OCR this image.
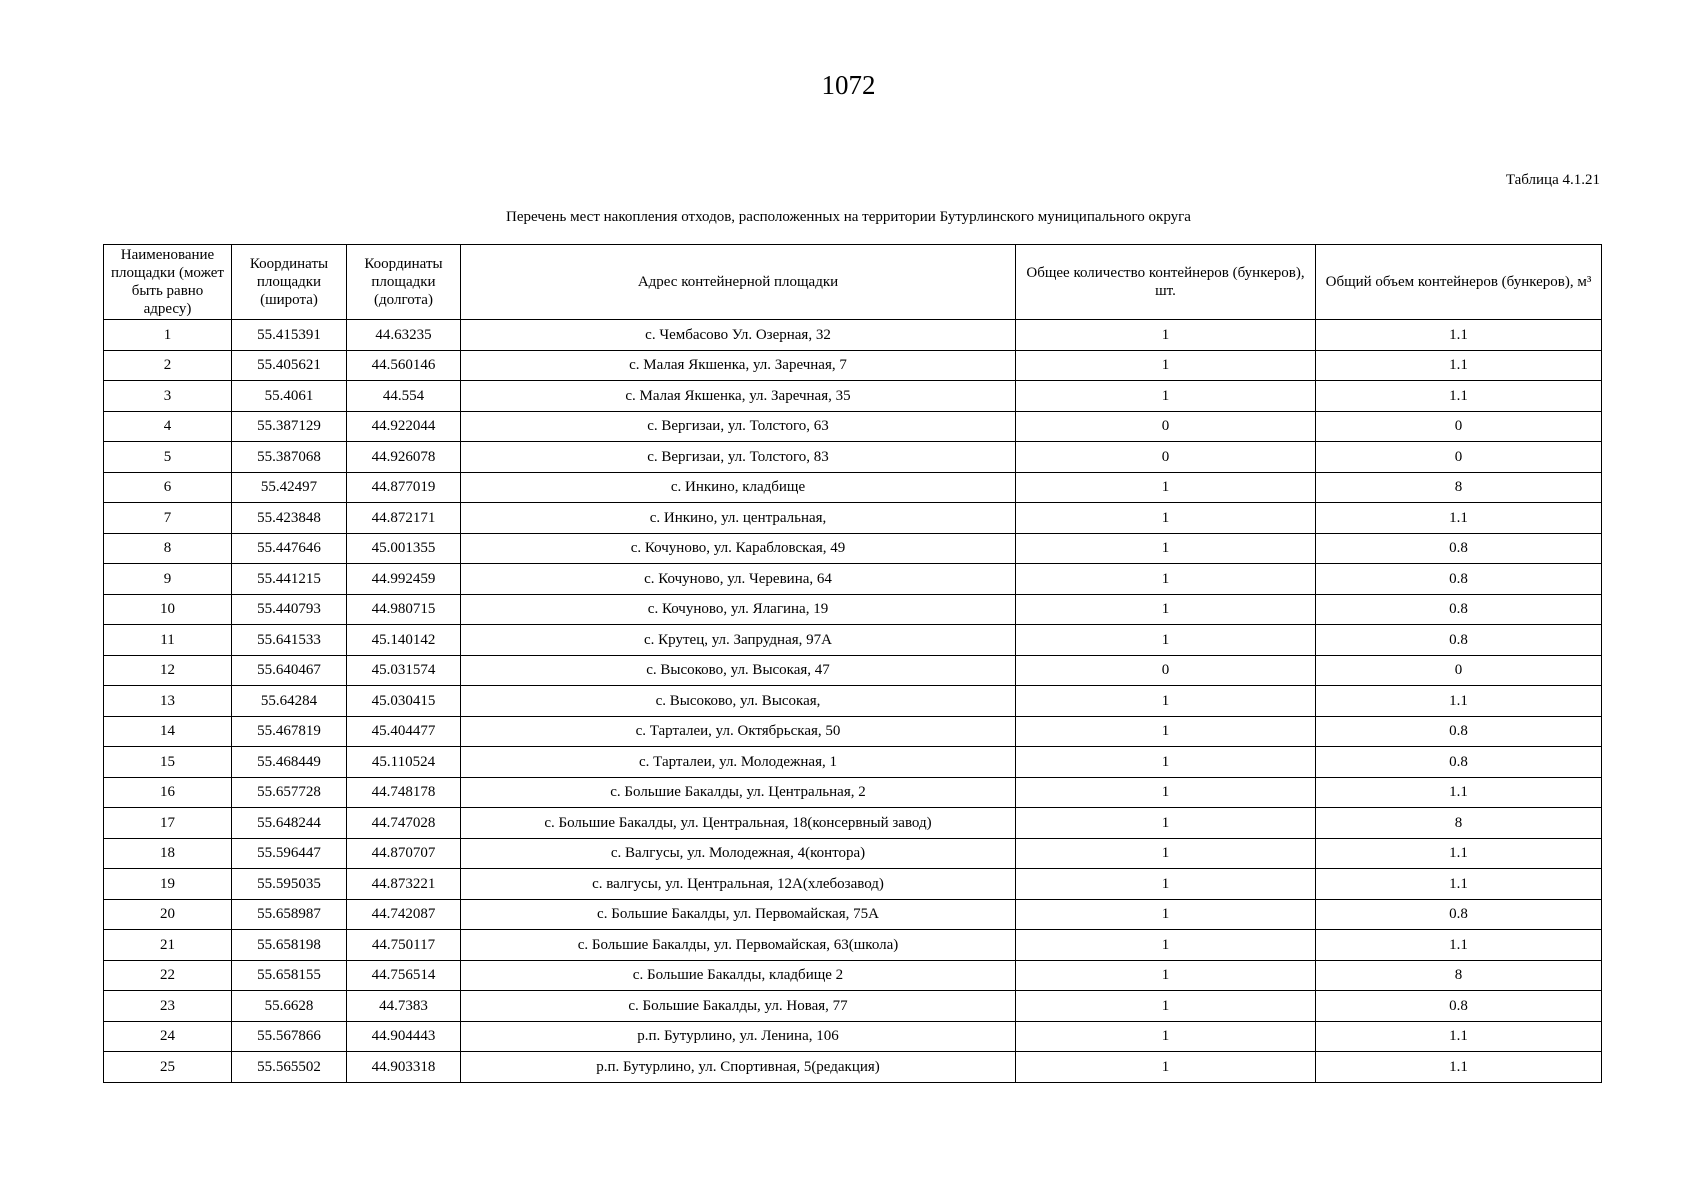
1072
Таблица 4.1.21
Перечень мест накопления отходов, расположенных на территории Бутурлинского муниципального округа
Наименование площадки (может быть равно адресу)	Координаты площадки (широта)	Координаты площадки (долгота)	Адрес контейнерной площадки	Общее количество контейнеров (бункеров), шт.	Общий объем контейнеров (бункеров), м³
1	55.415391	44.63235	с. Чембасово Ул. Озерная, 32	1	1.1
2	55.405621	44.560146	с. Малая Якшенка, ул. Заречная, 7	1	1.1
3	55.4061	44.554	с. Малая Якшенка, ул. Заречная, 35	1	1.1
4	55.387129	44.922044	с. Вергизаи, ул. Толстого, 63	0	0
5	55.387068	44.926078	с. Вергизаи, ул. Толстого, 83	0	0
6	55.42497	44.877019	с. Инкино, кладбище	1	8
7	55.423848	44.872171	с. Инкино, ул. центральная,	1	1.1
8	55.447646	45.001355	с. Кочуново, ул. Карабловская, 49	1	0.8
9	55.441215	44.992459	с. Кочуново, ул. Черевина, 64	1	0.8
10	55.440793	44.980715	с. Кочуново, ул. Ялагина, 19	1	0.8
11	55.641533	45.140142	с. Крутец, ул. Запрудная, 97А	1	0.8
12	55.640467	45.031574	с. Высоково, ул. Высокая, 47	0	0
13	55.64284	45.030415	с. Высоково, ул. Высокая,	1	1.1
14	55.467819	45.404477	с. Тарталеи, ул. Октябрьская, 50	1	0.8
15	55.468449	45.110524	с. Тарталеи, ул. Молодежная, 1	1	0.8
16	55.657728	44.748178	с. Большие Бакалды, ул. Центральная, 2	1	1.1
17	55.648244	44.747028	с. Большие Бакалды, ул. Центральная, 18(консервный завод)	1	8
18	55.596447	44.870707	с. Валгусы, ул. Молодежная, 4(контора)	1	1.1
19	55.595035	44.873221	с. валгусы, ул. Центральная, 12А(хлебозавод)	1	1.1
20	55.658987	44.742087	с. Большие Бакалды, ул. Первомайская, 75А	1	0.8
21	55.658198	44.750117	с. Большие Бакалды, ул. Первомайская, 63(школа)	1	1.1
22	55.658155	44.756514	с. Большие Бакалды, кладбище 2	1	8
23	55.6628	44.7383	с. Большие Бакалды, ул. Новая, 77	1	0.8
24	55.567866	44.904443	р.п. Бутурлино, ул. Ленина, 106	1	1.1
25	55.565502	44.903318	р.п. Бутурлино, ул. Спортивная, 5(редакция)	1	1.1
